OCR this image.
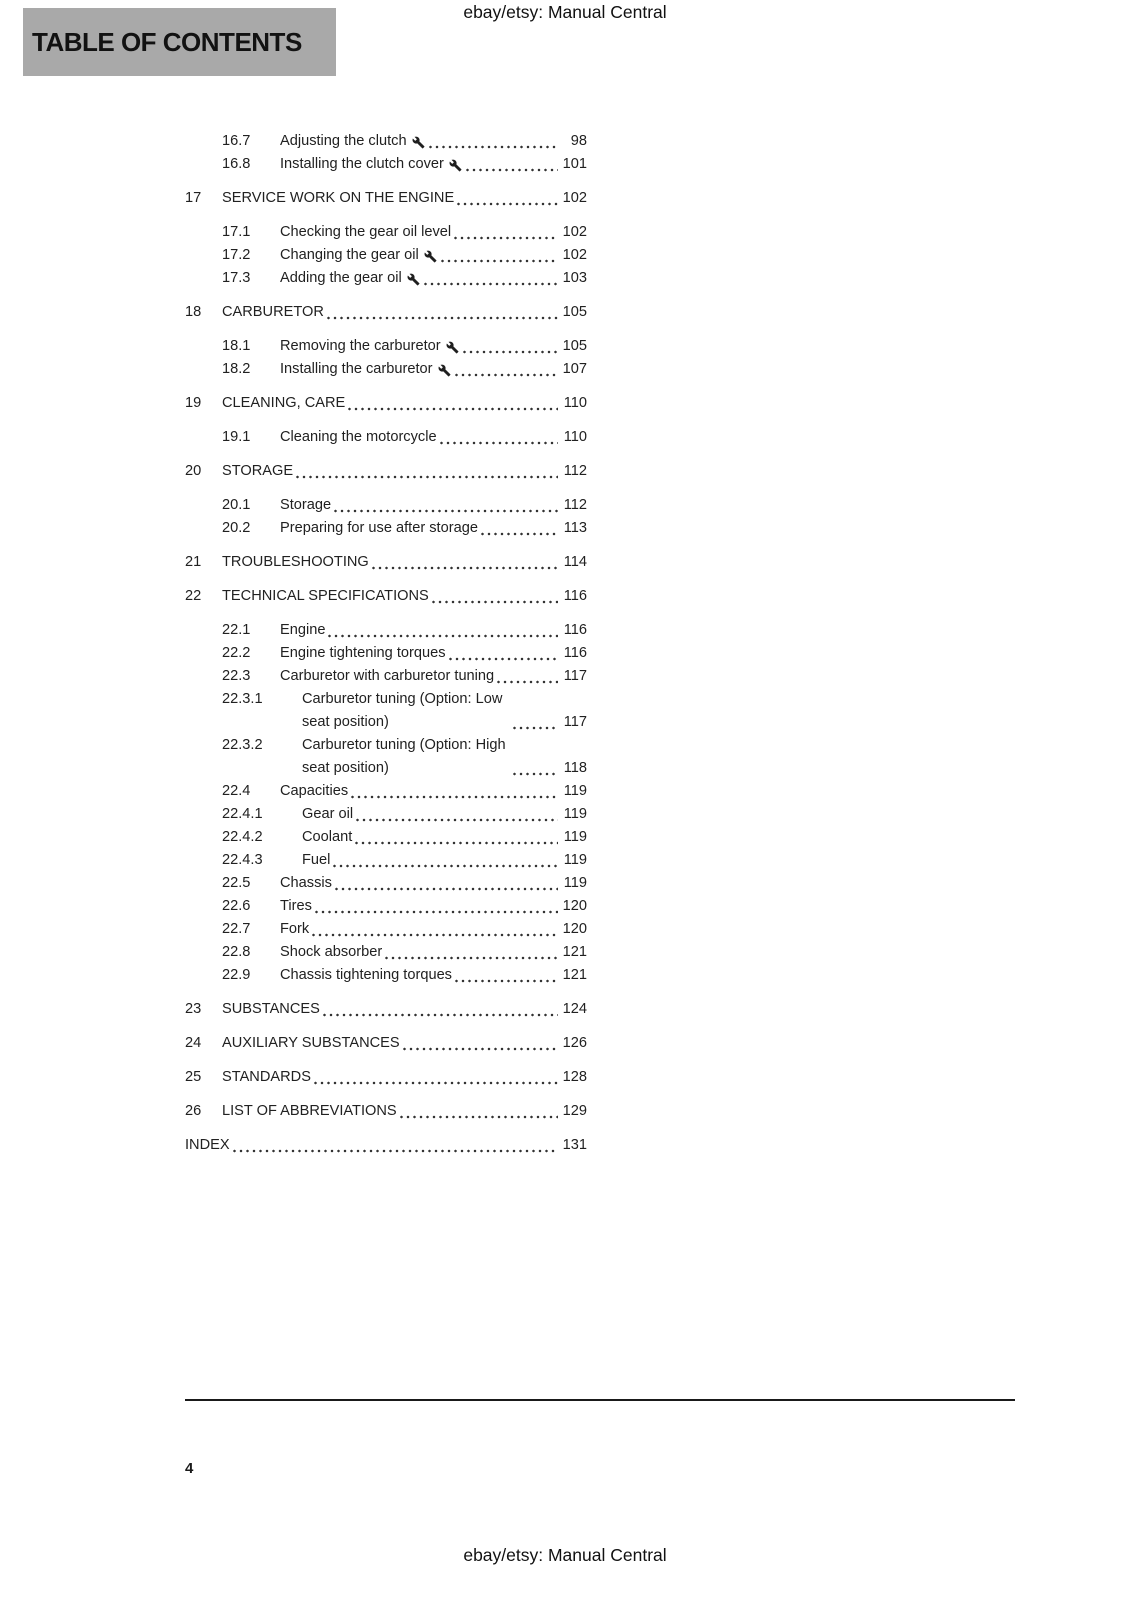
ebay/etsy: Manual Central
TABLE OF CONTENTS
16.7	Adjusting the clutch	98
16.8	Installing the clutch cover	101
17	SERVICE WORK ON THE ENGINE	102
17.1	Checking the gear oil level	102
17.2	Changing the gear oil	102
17.3	Adding the gear oil	103
18	CARBURETOR	105
18.1	Removing the carburetor	105
18.2	Installing the carburetor	107
19	CLEANING, CARE	110
19.1	Cleaning the motorcycle	110
20	STORAGE	112
20.1	Storage	112
20.2	Preparing for use after storage	113
21	TROUBLESHOOTING	114
22	TECHNICAL SPECIFICATIONS	116
22.1	Engine	116
22.2	Engine tightening torques	116
22.3	Carburetor with carburetor tuning	117
22.3.1	Carburetor tuning (Option: Low seat position)	117
22.3.2	Carburetor tuning (Option: High seat position)	118
22.4	Capacities	119
22.4.1	Gear oil	119
22.4.2	Coolant	119
22.4.3	Fuel	119
22.5	Chassis	119
22.6	Tires	120
22.7	Fork	120
22.8	Shock absorber	121
22.9	Chassis tightening torques	121
23	SUBSTANCES	124
24	AUXILIARY SUBSTANCES	126
25	STANDARDS	128
26	LIST OF ABBREVIATIONS	129
INDEX	131
4
ebay/etsy: Manual Central
